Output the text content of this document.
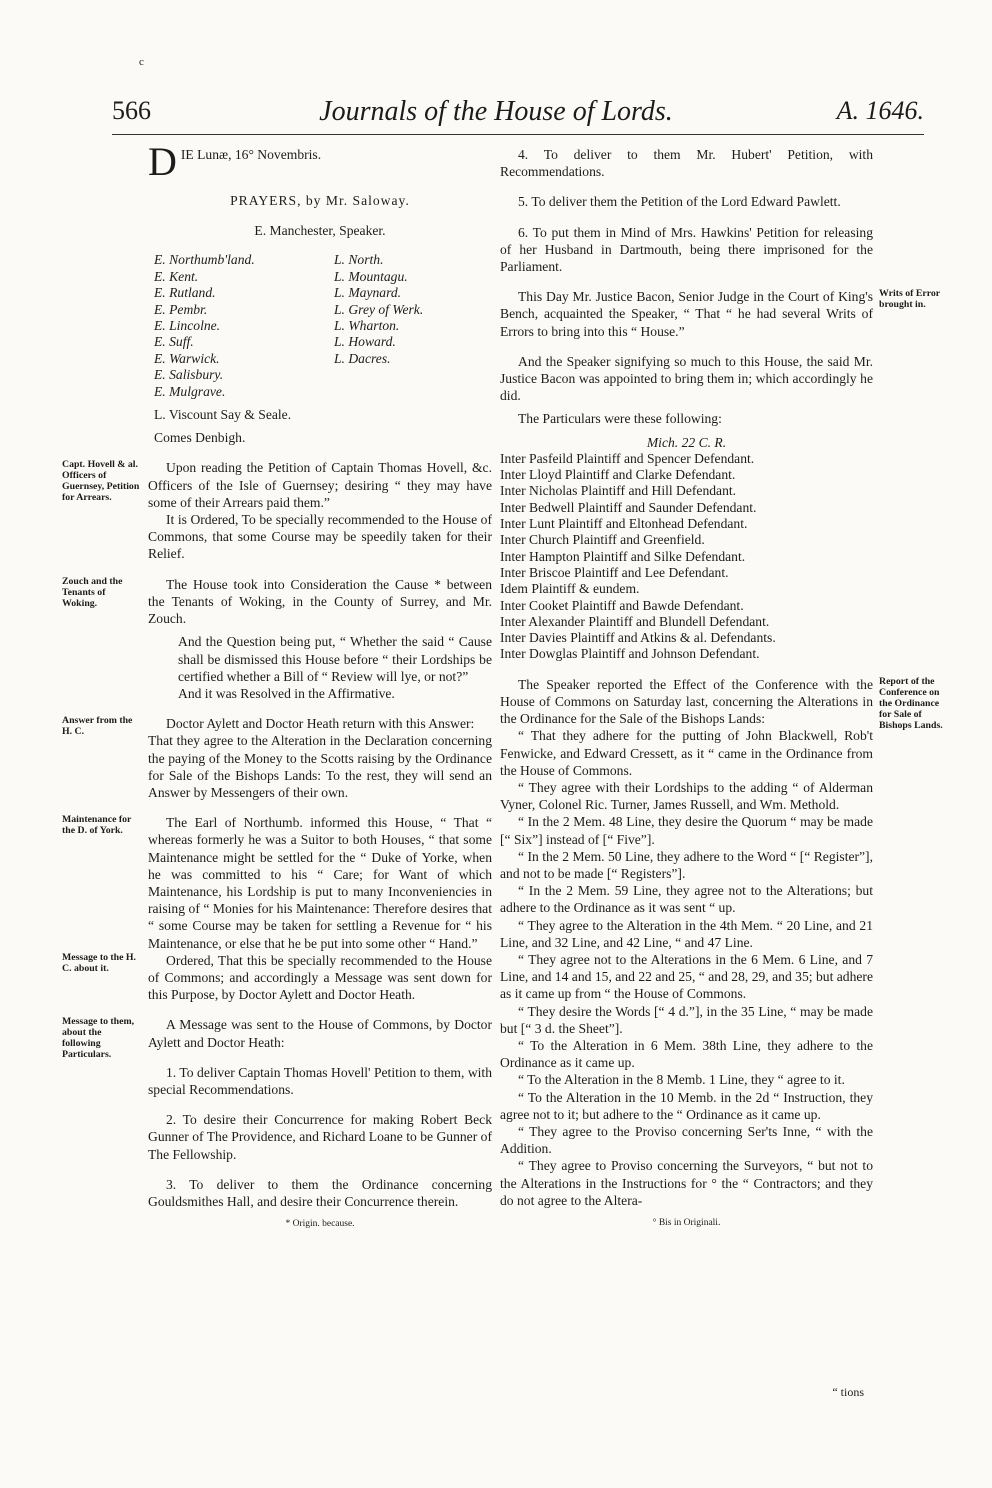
c
566	Journals of the House of Lords.	A. 1646.

DIE Lunæ, 16° Novembris.

PRAYERS, by Mr. Saloway.

E. Manchester, Speaker.

E. Northumb'land.
E. Kent.
E. Rutland.
E. Pembr.
E. Lincolne.
E. Suff.
E. Warwick.
E. Salisbury.
E. Mulgrave.
L. North.
L. Mountagu.
L. Maynard.
L. Grey of Werk.
L. Wharton.
L. Howard.
L. Dacres.

L. Viscount Say & Seale.

Comes Denbigh.

Capt. Hovell & al. Officers of Guernsey, Petition for Arrears.

Upon reading the Petition of Captain Thomas Hovell, &c. Officers of the Isle of Guernsey; desiring “ they may have some of their Arrears paid them.”

It is Ordered, To be specially recommended to the House of Commons, that some Course may be speedily taken for their Relief.

Zouch and the Tenants of Woking.

The House took into Consideration the Cause * between the Tenants of Woking, in the County of Surrey, and Mr. Zouch.

And the Question being put, “ Whether the said “ Cause shall be dismissed this House before “ their Lordships be certified whether a Bill of “ Review will lye, or not?”

And it was Resolved in the Affirmative.

Answer from the H. C.

Doctor Aylett and Doctor Heath return with this Answer:

That they agree to the Alteration in the Declaration concerning the paying of the Money to the Scotts raising by the Ordinance for Sale of the Bishops Lands: To the rest, they will send an Answer by Messengers of their own.

Maintenance for the D. of York.

The Earl of Northumb. informed this House, “ That “ whereas formerly he was a Suitor to both Houses, “ that some Maintenance might be settled for the “ Duke of Yorke, when he was committed to his “ Care; for Want of which Maintenance, his Lordship is put to many Inconveniencies in raising of “ Monies for his Maintenance: Therefore desires that “ some Course may be taken for settling a Revenue for “ his Maintenance, or else that he be put into some other “ Hand.”

Message to the H. C. about it.

Ordered, That this be specially recommended to the House of Commons; and accordingly a Message was sent down for this Purpose, by Doctor Aylett and Doctor Heath.

Message to them, about the following Particulars.

A Message was sent to the House of Commons, by Doctor Aylett and Doctor Heath:

1. To deliver Captain Thomas Hovell' Petition to them, with special Recommendations.

2. To desire their Concurrence for making Robert Beck Gunner of The Providence, and Richard Loane to be Gunner of The Fellowship.

3. To deliver to them the Ordinance concerning Gouldsmithes Hall, and desire their Concurrence therein.

* Origin. because.

4. To deliver to them Mr. Hubert' Petition, with Recommendations.

5. To deliver them the Petition of the Lord Edward Pawlett.

6. To put them in Mind of Mrs. Hawkins' Petition for releasing of her Husband in Dartmouth, being there imprisoned for the Parliament.

Writs of Error brought in.

This Day Mr. Justice Bacon, Senior Judge in the Court of King's Bench, acquainted the Speaker, “ That “ he had several Writs of Errors to bring into this “ House.”

And the Speaker signifying so much to this House, the said Mr. Justice Bacon was appointed to bring them in; which accordingly he did.

The Particulars were these following:

Mich. 22 C. R.

Inter Pasfeild Plaintiff and Spencer Defendant.

Inter Lloyd Plaintiff and Clarke Defendant.

Inter Nicholas Plaintiff and Hill Defendant.

Inter Bedwell Plaintiff and Saunder Defendant.

Inter Lunt Plaintiff and Eltonhead Defendant.

Inter Church Plaintiff and Greenfield.

Inter Hampton Plaintiff and Silke Defendant.

Inter Briscoe Plaintiff and Lee Defendant.

Idem Plaintiff & eundem.

Inter Cooket Plaintiff and Bawde Defendant.

Inter Alexander Plaintiff and Blundell Defendant.

Inter Davies Plaintiff and Atkins & al. Defendants.

Inter Dowglas Plaintiff and Johnson Defendant.

Report of the Conference on the Ordinance for Sale of Bishops Lands.

The Speaker reported the Effect of the Conference with the House of Commons on Saturday last, concerning the Alterations in the Ordinance for the Sale of the Bishops Lands:

“ That they adhere for the putting of John Blackwell, Rob't Fenwicke, and Edward Cressett, as it “ came in the Ordinance from the House of Commons.

“ They agree with their Lordships to the adding “ of Alderman Vyner, Colonel Ric. Turner, James Russell, and Wm. Methold.

“ In the 2 Mem. 48 Line, they desire the Quorum “ may be made [“ Six”] instead of [“ Five”].

“ In the 2 Mem. 50 Line, they adhere to the Word “ [“ Register”], and not to be made [“ Registers”].

“ In the 2 Mem. 59 Line, they agree not to the Alterations; but adhere to the Ordinance as it was sent “ up.

“ They agree to the Alteration in the 4th Mem. “ 20 Line, and 21 Line, and 32 Line, and 42 Line, “ and 47 Line.

“ They agree not to the Alterations in the 6 Mem. 6 Line, and 7 Line, and 14 and 15, and 22 and 25, “ and 28, 29, and 35; but adhere as it came up from “ the House of Commons.

“ They desire the Words [“ 4 d.”], in the 35 Line, “ may be made but [“ 3 d. the Sheet”].

“ To the Alteration in 6 Mem. 38th Line, they adhere to the Ordinance as it came up.

“ To the Alteration in the 8 Memb. 1 Line, they “ agree to it.

“ To the Alteration in the 10 Memb. in the 2d “ Instruction, they agree not to it; but adhere to the “ Ordinance as it came up.

“ They agree to the Proviso concerning Ser'ts Inne, “ with the Addition.

“ They agree to Proviso concerning the Surveyors, “ but not to the Alterations in the Instructions for ° the “ Contractors; and they do not agree to the Altera-

° Bis in Originali.

“ tions
